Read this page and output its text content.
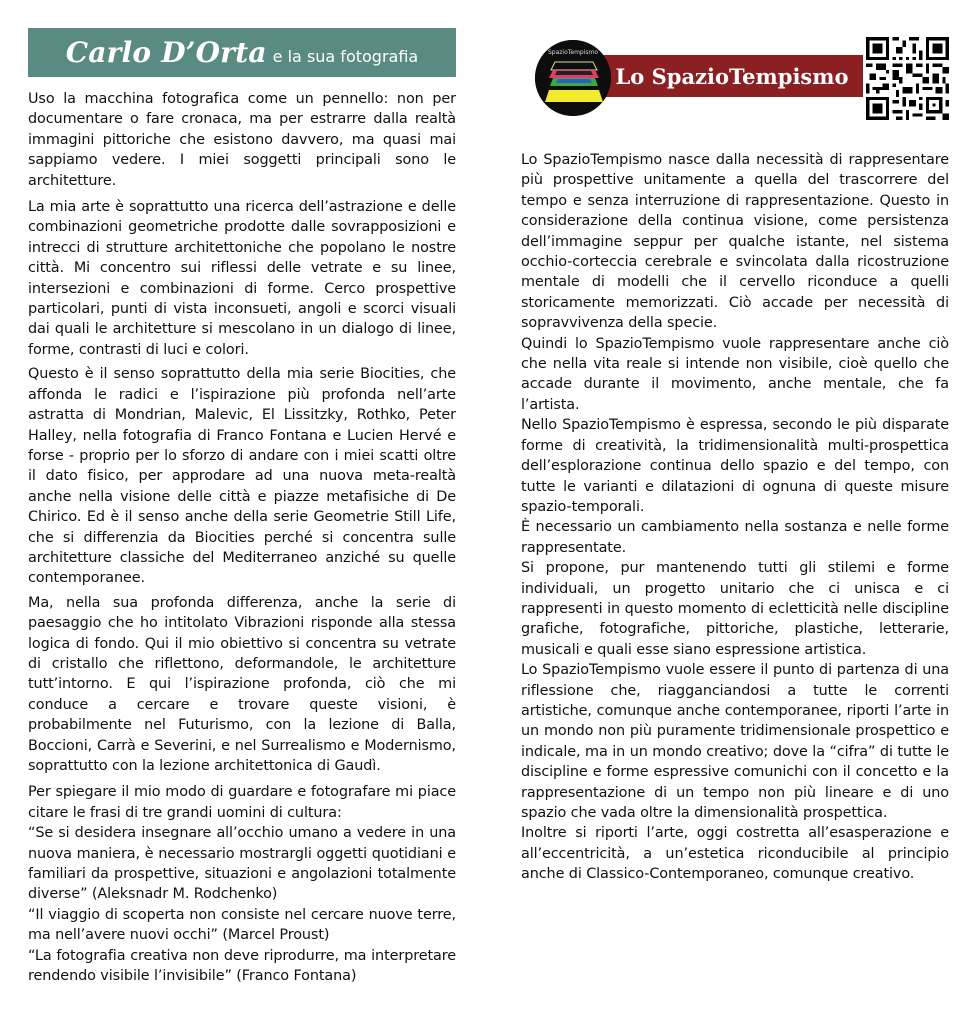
Carlo D’Orta e la sua fotografia

Uso la macchina fotografica come un pennello: non per documentare o fare cronaca, ma per estrarre dalla realtà immagini pittoriche che esistono davvero, ma quasi mai sappiamo vedere. I miei soggetti principali sono le architetture.

La mia arte è soprattutto una ricerca dell’astrazione e delle combinazioni geometriche prodotte dalle sovrapposizioni e intrecci di strutture architettoniche che popolano le nostre città. Mi concentro sui riflessi delle vetrate e su linee, intersezioni e combinazioni di forme. Cerco prospettive particolari, punti di vista inconsueti, angoli e scorci visuali dai quali le architetture si mescolano in un dialogo di linee, forme, contrasti di luci e colori.

Questo è il senso soprattutto della mia serie Biocities, che affonda le radici e l’ispirazione più profonda nell’arte astratta di Mondrian, Malevic, El Lissitzky, Rothko, Peter Halley, nella fotografia di Franco Fontana e Lucien Hervé e forse - proprio per lo sforzo di andare con i miei scatti oltre il dato fisico, per approdare ad una nuova meta-realtà anche nella visione delle città e piazze metafisiche di De Chirico. Ed è il senso anche della serie Geometrie Still Life, che si differenzia da Biocities perché si concentra sulle architetture classiche del Mediterraneo anziché su quelle contemporanee.

Ma, nella sua profonda differenza, anche la serie di paesaggio che ho intitolato Vibrazioni risponde alla stessa logica di fondo. Qui il mio obiettivo si concentra su vetrate di cristallo che riflettono, deformandole, le architetture tutt’intorno. E qui l’ispirazione profonda, ciò che mi conduce a cercare e trovare queste visioni, è probabilmente nel Futurismo, con la lezione di Balla, Boccioni, Carrà e Severini, e nel Surrealismo e Modernismo, soprattutto con la lezione architettonica di Gaudì.

Per spiegare il mio modo di guardare e fotografare mi piace citare le frasi di tre grandi uomini di cultura:

“Se si desidera insegnare all’occhio umano a vedere in una nuova maniera, è necessario mostrargli oggetti quotidiani e familiari da prospettive, situazioni e angolazioni totalmente diverse” (Aleksnadr M. Rodchenko)

“Il viaggio di scoperta non consiste nel cercare nuove terre, ma nell’avere nuovi occhi” (Marcel Proust)

“La fotografia creativa non deve riprodurre, ma interpretare rendendo visibile l’invisibile” (Franco Fontana)

SpazioTempismo
Lo SpazioTempismo

Lo SpazioTempismo nasce dalla necessità di rappresentare più prospettive unitamente a quella del trascorrere del tempo e senza interruzione di rappresentazione. Questo in considerazione della continua visione, come persistenza dell’immagine seppur per qualche istante, nel sistema occhio-corteccia cerebrale e svincolata dalla ricostruzione mentale di modelli che il cervello riconduce a quelli storicamente memorizzati. Ciò accade per necessità di sopravvivenza della specie.

Quindi lo SpazioTempismo vuole rappresentare anche ciò che nella vita reale si intende non visibile, cioè quello che accade durante il movimento, anche mentale, che fa l’artista.

Nello SpazioTempismo è espressa, secondo le più disparate forme di creatività, la tridimensionalità multi-prospettica dell’esplorazione continua dello spazio e del tempo, con tutte le varianti e dilatazioni di ognuna di queste misure spazio-temporali.

È necessario un cambiamento nella sostanza e nelle forme rappresentate.

Si propone, pur mantenendo tutti gli stilemi e forme individuali, un progetto unitario che ci unisca e ci rappresenti in questo momento di ecletticità nelle discipline grafiche, fotografiche, pittoriche, plastiche, letterarie, musicali e quali esse siano espressione artistica.

Lo SpazioTempismo vuole essere il punto di partenza di una riflessione che, riagganciandosi a tutte le correnti artistiche, comunque anche contemporanee, riporti l’arte in un mondo non più puramente tridimensionale prospettico e indicale, ma in un mondo creativo; dove la “cifra” di tutte le discipline e forme espressive comunichi con il concetto e la rappresentazione di un tempo non più lineare e di uno spazio che vada oltre la dimensionalità prospettica.

Inoltre si riporti l’arte, oggi costretta all’esasperazione e all’eccentricità, a un’estetica riconducibile al principio anche di Classico-Contemporaneo, comunque creativo.
